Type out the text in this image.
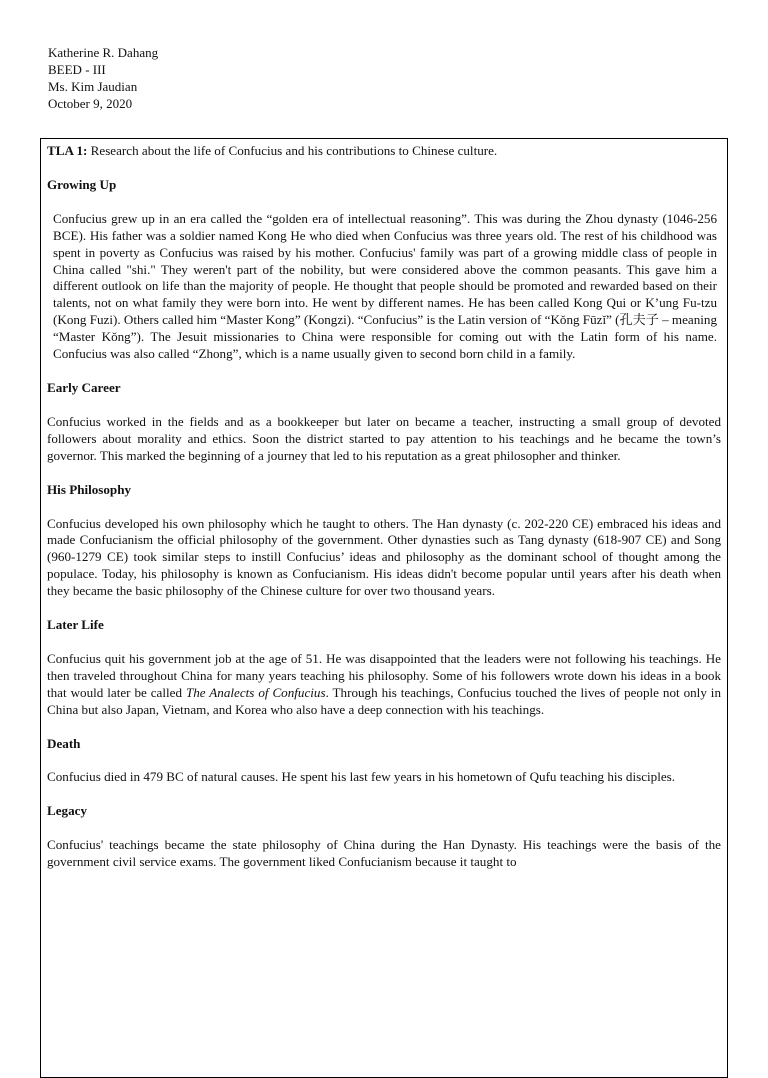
Katherine R. Dahang
BEED - III
Ms. Kim Jaudian
October 9, 2020
TLA 1: Research about the life of Confucius and his contributions to Chinese culture.
Growing Up
Confucius grew up in an era called the “golden era of intellectual reasoning”. This was during the Zhou dynasty (1046-256 BCE). His father was a soldier named Kong He who died when Confucius was three years old. The rest of his childhood was spent in poverty as Confucius was raised by his mother. Confucius' family was part of a growing middle class of people in China called "shi." They weren't part of the nobility, but were considered above the common peasants. This gave him a different outlook on life than the majority of people. He thought that people should be promoted and rewarded based on their talents, not on what family they were born into. He went by different names. He has been called Kong Qui or K’ung Fu-tzu (Kong Fuzi). Others called him “Master Kong” (Kongzi). “Confucius” is the Latin version of “Kǒng Fūzǐ” (孔夫子 – meaning “Master Kǒng”). The Jesuit missionaries to China were responsible for coming out with the Latin form of his name. Confucius was also called “Zhong”, which is a name usually given to second born child in a family.
Early Career
Confucius worked in the fields and as a bookkeeper but later on became a teacher, instructing a small group of devoted followers about morality and ethics. Soon the district started to pay attention to his teachings and he became the town’s governor. This marked the beginning of a journey that led to his reputation as a great philosopher and thinker.
His Philosophy
Confucius developed his own philosophy which he taught to others. The Han dynasty (c. 202-220 CE) embraced his ideas and made Confucianism the official philosophy of the government. Other dynasties such as Tang dynasty (618-907 CE) and Song (960-1279 CE) took similar steps to instill Confucius’ ideas and philosophy as the dominant school of thought among the populace. Today, his philosophy is known as Confucianism. His ideas didn't become popular until years after his death when they became the basic philosophy of the Chinese culture for over two thousand years.
Later Life
Confucius quit his government job at the age of 51. He was disappointed that the leaders were not following his teachings. He then traveled throughout China for many years teaching his philosophy. Some of his followers wrote down his ideas in a book that would later be called The Analects of Confucius. Through his teachings, Confucius touched the lives of people not only in China but also Japan, Vietnam, and Korea who also have a deep connection with his teachings.
Death
Confucius died in 479 BC of natural causes. He spent his last few years in his hometown of Qufu teaching his disciples.
Legacy
Confucius' teachings became the state philosophy of China during the Han Dynasty. His teachings were the basis of the government civil service exams. The government liked Confucianism because it taught to
